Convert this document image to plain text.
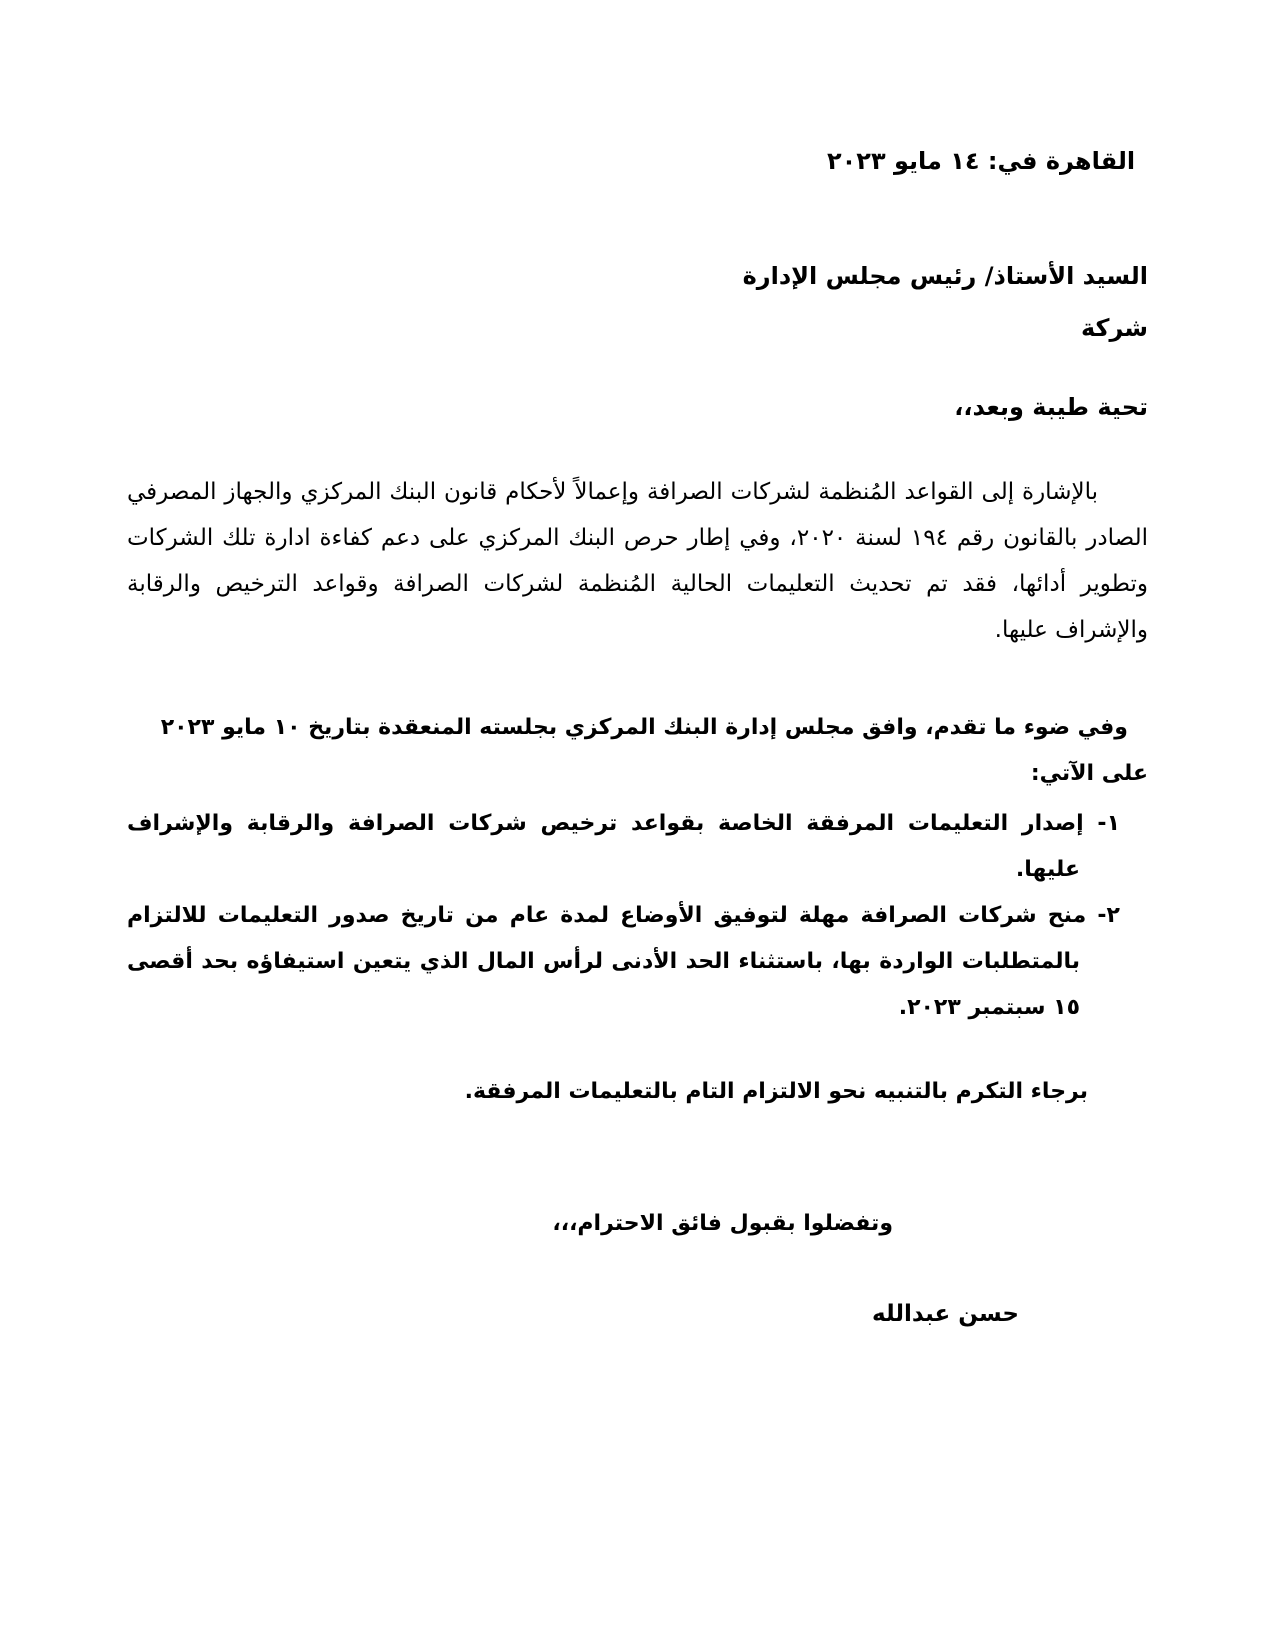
القاهرة في: ١٤ مايو ٢٠٢٣
السيد الأستاذ/ رئيس مجلس الإدارة
شركة
تحية طيبة وبعد،،
بالإشارة إلى القواعد المُنظمة لشركات الصرافة وإعمالاً لأحكام قانون البنك المركزي والجهاز المصرفي الصادر بالقانون رقم ١٩٤ لسنة ٢٠٢٠، وفي إطار حرص البنك المركزي على دعم كفاءة ادارة تلك الشركات وتطوير أدائها، فقد تم تحديث التعليمات الحالية المُنظمة لشركات الصرافة وقواعد الترخيص والرقابة والإشراف عليها.
وفي ضوء ما تقدم، وافق مجلس إدارة البنك المركزي بجلسته المنعقدة بتاريخ ١٠ مايو ٢٠٢٣ على الآتي:
١- إصدار التعليمات المرفقة الخاصة بقواعد ترخيص شركات الصرافة والرقابة والإشراف عليها.
٢- منح شركات الصرافة مهلة لتوفيق الأوضاع لمدة عام من تاريخ صدور التعليمات للالتزام بالمتطلبات الواردة بها، باستثناء الحد الأدنى لرأس المال الذي يتعين استيفاؤه بحد أقصى ١٥ سبتمبر ٢٠٢٣.
برجاء التكرم بالتنبيه نحو الالتزام التام بالتعليمات المرفقة.
وتفضلوا بقبول فائق الاحترام،،،
حسن عبدالله
